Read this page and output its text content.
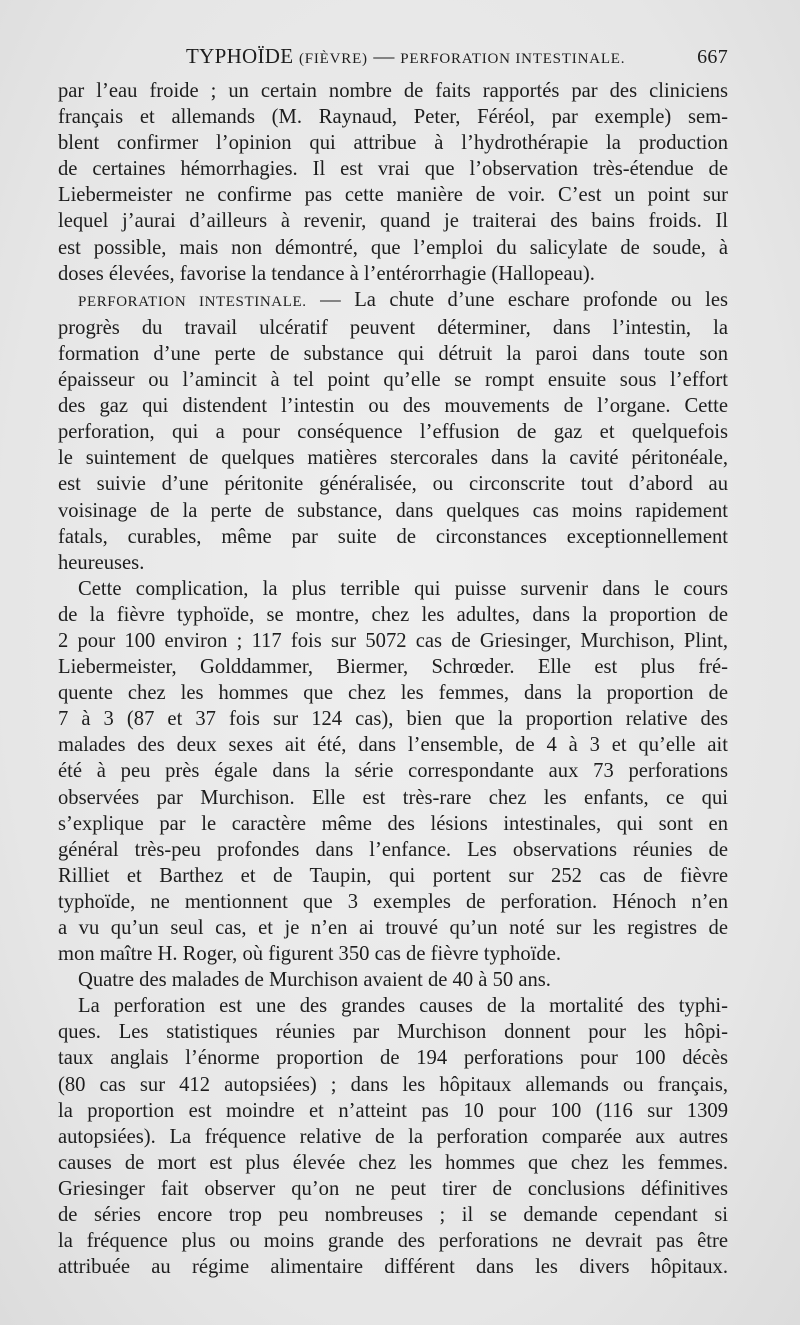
TYPHOÏDE (FIÈVRE) — PERFORATION INTESTINALE.	667
par l’eau froide ; un certain nombre de faits rapportés par des cliniciens
français et allemands (M. Raynaud, Peter, Féréol, par exemple) sem-
blent confirmer l’opinion qui attribue à l’hydrothérapie la production
de certaines hémorrhagies. Il est vrai que l’observation très-étendue de
Liebermeister ne confirme pas cette manière de voir. C’est un point sur
lequel j’aurai d’ailleurs à revenir, quand je traiterai des bains froids. Il
est possible, mais non démontré, que l’emploi du salicylate de soude, à
doses élevées, favorise la tendance à l’entérorrhagie (Hallopeau).
PERFORATION INTESTINALE. — La chute d’une eschare profonde ou les
progrès du travail ulcératif peuvent déterminer, dans l’intestin, la
formation d’une perte de substance qui détruit la paroi dans toute son
épaisseur ou l’amincit à tel point qu’elle se rompt ensuite sous l’effort
des gaz qui distendent l’intestin ou des mouvements de l’organe. Cette
perforation, qui a pour conséquence l’effusion de gaz et quelquefois
le suintement de quelques matières stercorales dans la cavité péritonéale,
est suivie d’une péritonite généralisée, ou circonscrite tout d’abord au
voisinage de la perte de substance, dans quelques cas moins rapidement
fatals, curables, même par suite de circonstances exceptionnellement
heureuses.
Cette complication, la plus terrible qui puisse survenir dans le cours
de la fièvre typhoïde, se montre, chez les adultes, dans la proportion de
2 pour 100 environ ; 117 fois sur 5072 cas de Griesinger, Murchison, Plint,
Liebermeister, Golddammer, Biermer, Schrœder. Elle est plus fré-
quente chez les hommes que chez les femmes, dans la proportion de
7 à 3 (87 et 37 fois sur 124 cas), bien que la proportion relative des
malades des deux sexes ait été, dans l’ensemble, de 4 à 3 et qu’elle ait
été à peu près égale dans la série correspondante aux 73 perforations
observées par Murchison. Elle est très-rare chez les enfants, ce qui
s’explique par le caractère même des lésions intestinales, qui sont en
général très-peu profondes dans l’enfance. Les observations réunies de
Rilliet et Barthez et de Taupin, qui portent sur 252 cas de fièvre
typhoïde, ne mentionnent que 3 exemples de perforation. Hénoch n’en
a vu qu’un seul cas, et je n’en ai trouvé qu’un noté sur les registres de
mon maître H. Roger, où figurent 350 cas de fièvre typhoïde.
Quatre des malades de Murchison avaient de 40 à 50 ans.
La perforation est une des grandes causes de la mortalité des typhi-
ques. Les statistiques réunies par Murchison donnent pour les hôpi-
taux anglais l’énorme proportion de 194 perforations pour 100 décès
(80 cas sur 412 autopsiées) ; dans les hôpitaux allemands ou français,
la proportion est moindre et n’atteint pas 10 pour 100 (116 sur 1309
autopsiées). La fréquence relative de la perforation comparée aux autres
causes de mort est plus élevée chez les hommes que chez les femmes.
Griesinger fait observer qu’on ne peut tirer de conclusions définitives
de séries encore trop peu nombreuses ; il se demande cependant si
la fréquence plus ou moins grande des perforations ne devrait pas être
attribuée au régime alimentaire différent dans les divers hôpitaux.
